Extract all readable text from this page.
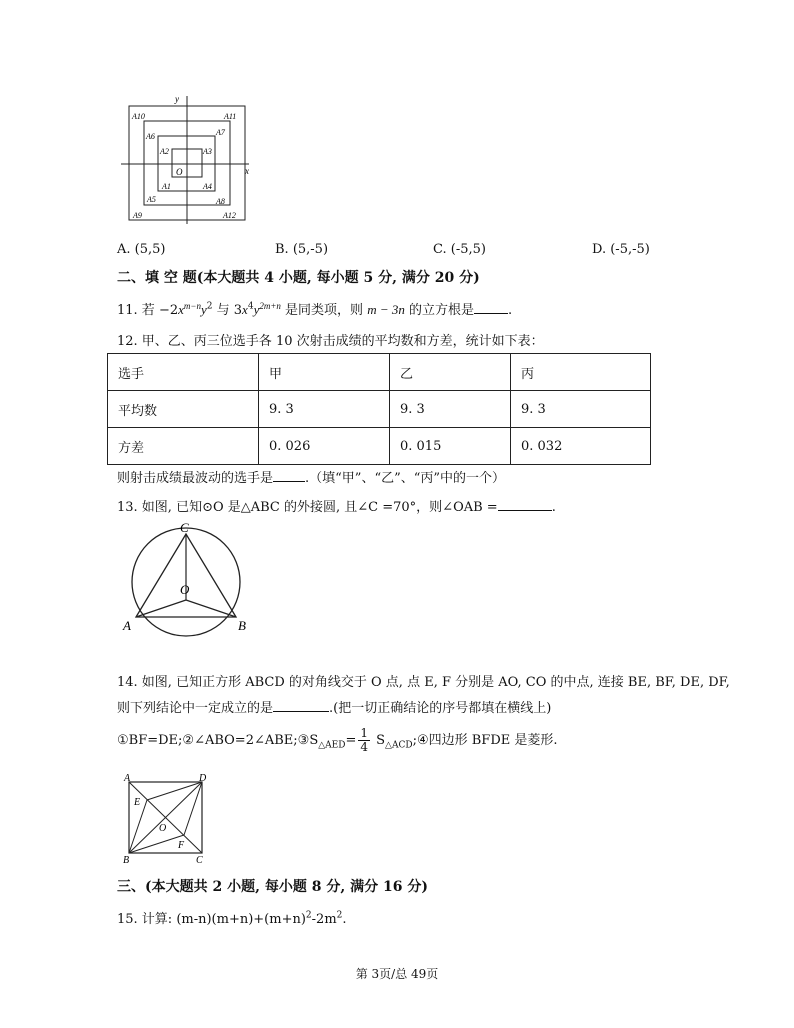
y
x
O
A1
A2	A3
A4
A5
A6	A7
A8
A9
A10	A11
A12
A. (5,5)	B. (5,-5)	C. (-5,5)	D. (-5,-5)
二、填 空 题(本大题共 4 小题, 每小题 5 分, 满分 20 分)
11. 若 $-2x^{m-n}y^2$ 与 $3x^4y^{2m+n}$ 是同类项，则 m − 3n 的立方根是	.
12. 甲、乙、丙三位选手各 10 次射击成绩的平均数和方差，统计如下表：
选手	甲	乙	丙
平均数	9. 3	9. 3	9. 3
方差	0. 026	0. 015	0. 032
则射击成绩最波动的选手是 .（填“甲”、“乙”、“丙”中的一个）
13. 如图, 已知⊙O 是△ABC 的外接圆, 且∠C =70°，则∠OAB =	.
C
O
A	B
14. 如图, 已知正方形 ABCD 的对角线交于 O 点, 点 E, F 分别是 AO, CO 的中点, 连接 BE, BF, DE, DF,
则下列结论中一定成立的是	.(把一切正确结论的序号都填在横线上)
$①BF=DE;②\angle ABO=2\angle ABE;③S_{\triangle AED}= \frac{1}{4}$ $S_{\triangle ACD};④$四边形 BFDE 是菱形.
A	D
E
O
F
B	C
三、(本大题共 2 小题, 每小题 8 分, 满分 16 分)
15. 计算: $(m-n)(m+n)+(m+n)^2-2m^2$.
第 3页/总 49页
